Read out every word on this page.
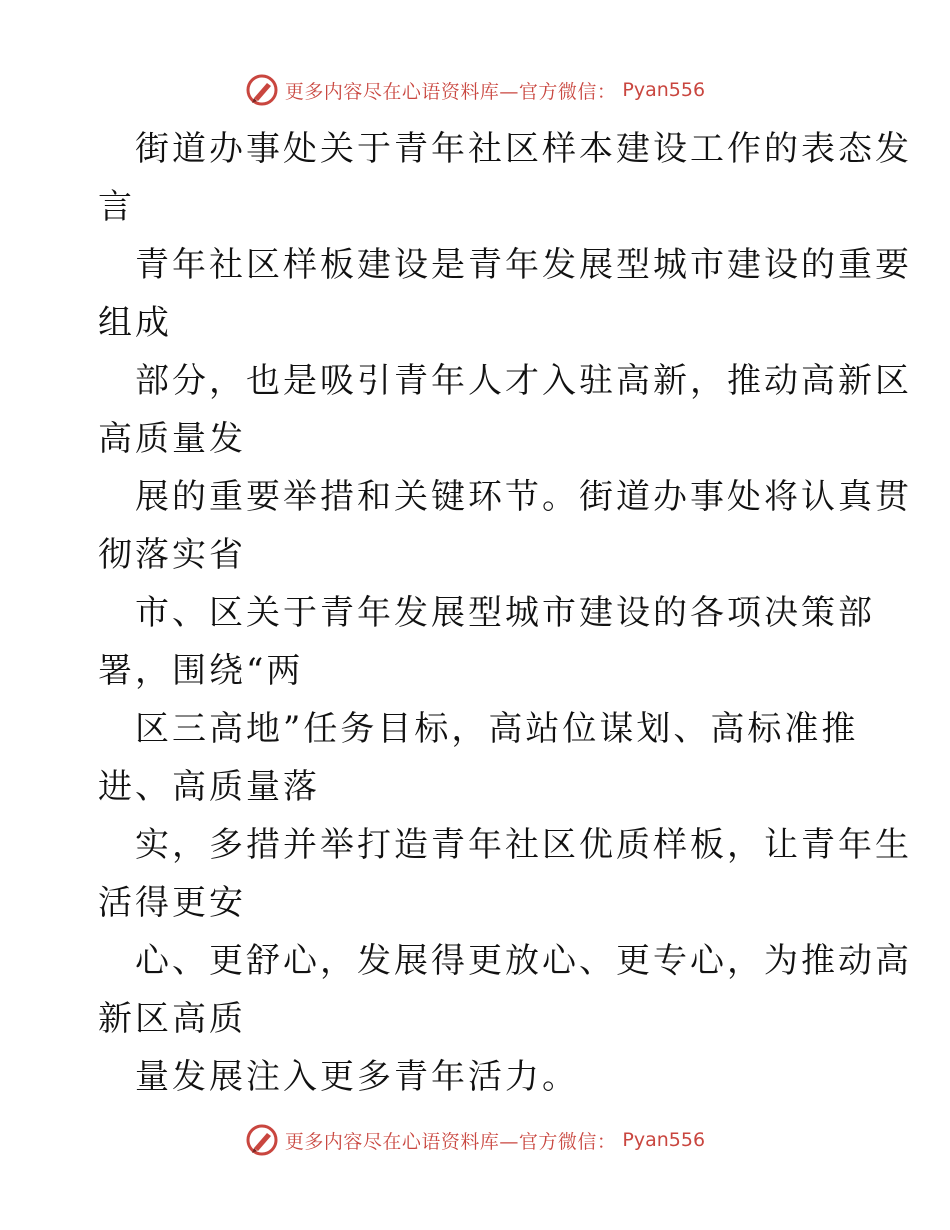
更多内容尽在心语资料库—官方微信： Pyan556

街道办事处关于青年社区样本建设工作的表态发
言

青年社区样板建设是青年发展型城市建设的重要
组成

部分，也是吸引青年人才入驻高新，推动高新区
高质量发

展的重要举措和关键环节。街道办事处将认真贯
彻落实省

市、区关于青年发展型城市建设的各项决策部
署，围绕“两

区三高地”任务目标，高站位谋划、高标准推
进、高质量落

实，多措并举打造青年社区优质样板，让青年生
活得更安

心、更舒心，发展得更放心、更专心，为推动高
新区高质

量发展注入更多青年活力。

更多内容尽在心语资料库—官方微信： Pyan556
